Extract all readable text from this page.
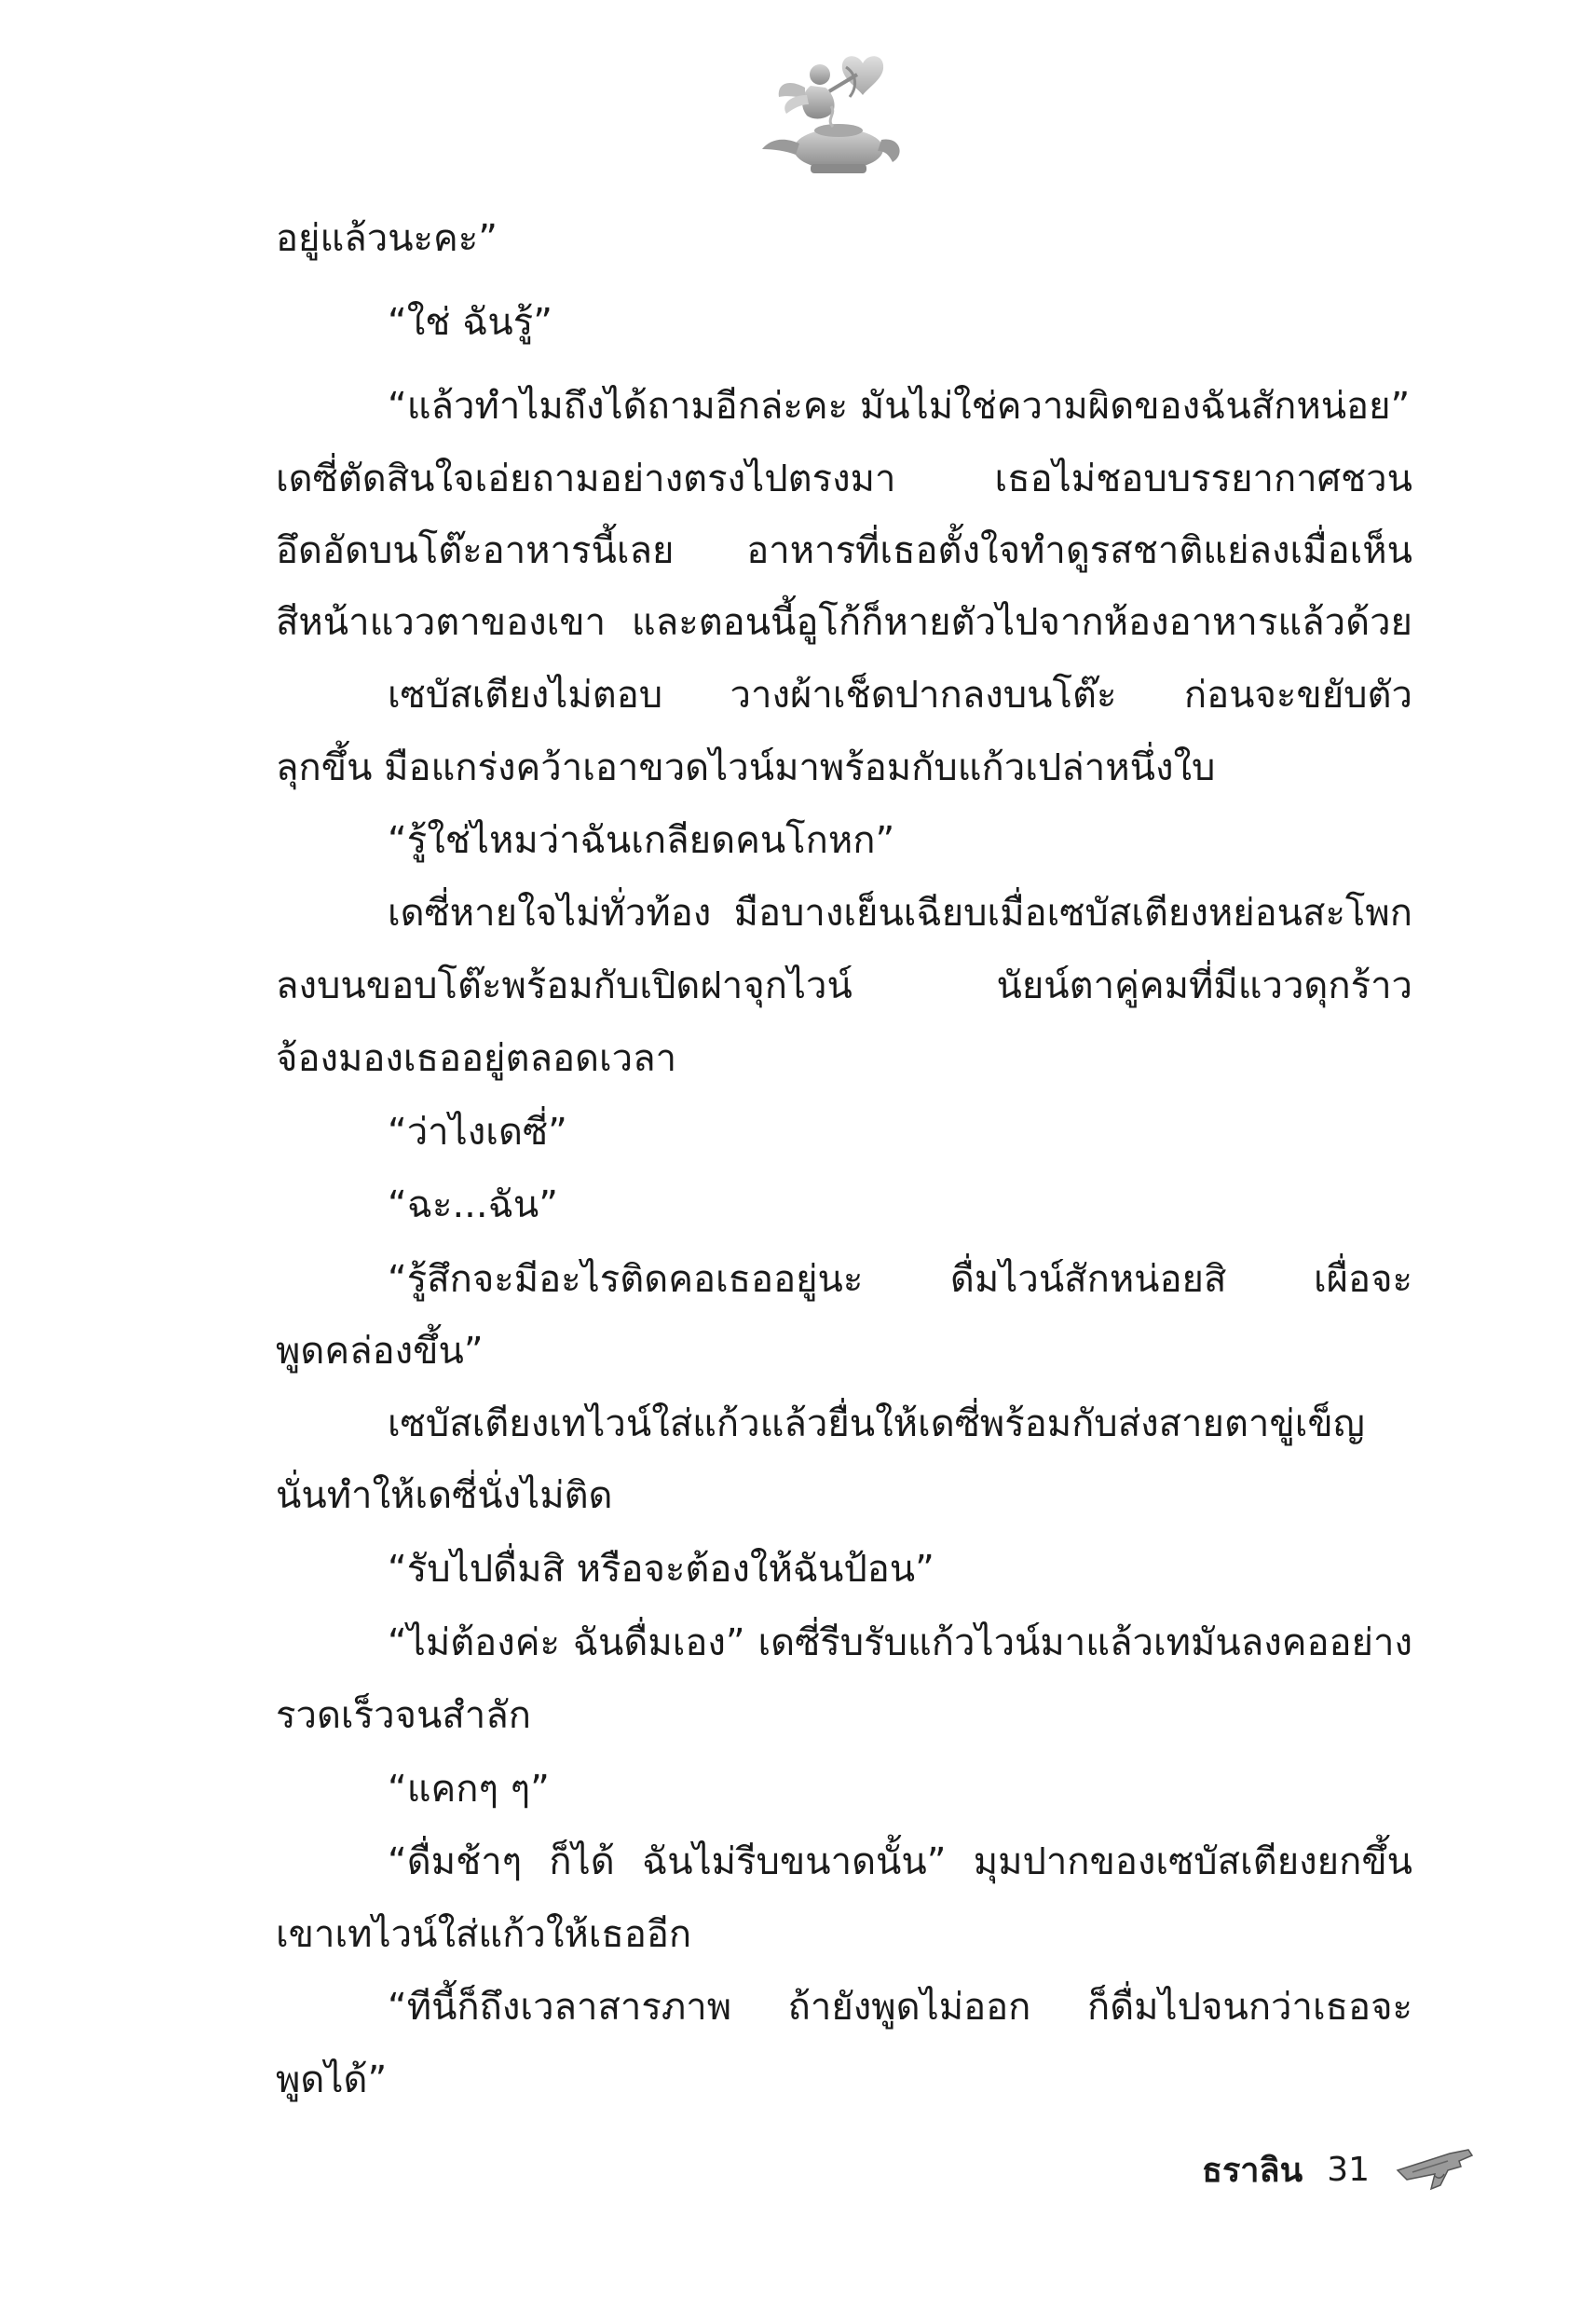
อยู่แล้วนะคะ”
“ใช่ ฉันรู้”
“แล้วทำไมถึงได้ถามอีกล่ะคะ มันไม่ใช่ความผิดของฉันสักหน่อย”
เดซี่ตัดสินใจเอ่ยถามอย่างตรงไปตรงมา เธอไม่ชอบบรรยากาศชวน
อึดอัดบนโต๊ะอาหารนี้เลย อาหารที่เธอตั้งใจทำดูรสชาติแย่ลงเมื่อเห็น
สีหน้าแววตาของเขา และตอนนี้อูโก้ก็หายตัวไปจากห้องอาหารแล้วด้วย
เซบัสเตียงไม่ตอบ วางผ้าเช็ดปากลงบนโต๊ะ ก่อนจะขยับตัว
ลุกขึ้น มือแกร่งคว้าเอาขวดไวน์มาพร้อมกับแก้วเปล่าหนึ่งใบ
“รู้ใช่ไหมว่าฉันเกลียดคนโกหก”
เดซี่หายใจไม่ทั่วท้อง มือบางเย็นเฉียบเมื่อเซบัสเตียงหย่อนสะโพก
ลงบนขอบโต๊ะพร้อมกับเปิดฝาจุกไวน์ นัยน์ตาคู่คมที่มีแววดุกร้าว
จ้องมองเธออยู่ตลอดเวลา
“ว่าไงเดซี่”
“ฉะ...ฉัน”
“รู้สึกจะมีอะไรติดคอเธออยู่นะ ดื่มไวน์สักหน่อยสิ เผื่อจะ
พูดคล่องขึ้น”
เซบัสเตียงเทไวน์ใส่แก้วแล้วยื่นให้เดซี่พร้อมกับส่งสายตาขู่เข็ญ
นั่นทำให้เดซี่นั่งไม่ติด
“รับไปดื่มสิ หรือจะต้องให้ฉันป้อน”
“ไม่ต้องค่ะ ฉันดื่มเอง” เดซี่รีบรับแก้วไวน์มาแล้วเทมันลงคออย่าง
รวดเร็วจนสำลัก
“แคกๆ ๆ”
“ดื่มช้าๆ ก็ได้ ฉันไม่รีบขนาดนั้น” มุมปากของเซบัสเตียงยกขึ้น
เขาเทไวน์ใส่แก้วให้เธออีก
“ทีนี้ก็ถึงเวลาสารภาพ ถ้ายังพูดไม่ออก ก็ดื่มไปจนกว่าเธอจะ
พูดได้”
ธราลิน 31
